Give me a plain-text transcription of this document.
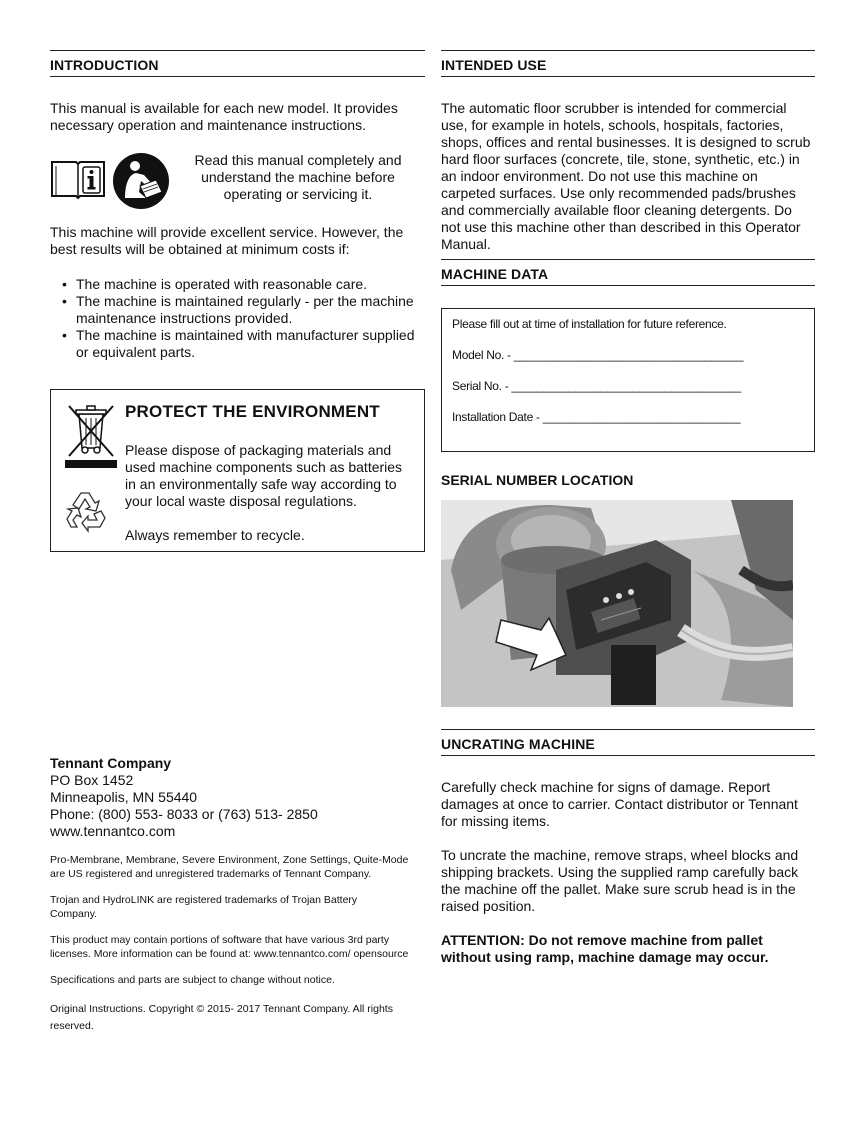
INTRODUCTION

This manual is available for each new model. It provides necessary operation and maintenance instructions.

Read this manual completely and understand the machine before operating or servicing it.

This machine will provide excellent service. However, the best results will be obtained at minimum costs if:

• The machine is operated with reasonable care.
• The machine is maintained regularly - per the machine maintenance instructions provided.
• The machine is maintained with manufacturer supplied or equivalent parts.

PROTECT THE ENVIRONMENT

Please dispose of packaging materials and used machine components such as batteries in an environmentally safe way according to your local waste disposal regulations.

Always remember to recycle.

Tennant Company
PO Box 1452
Minneapolis, MN 55440
Phone: (800) 553- 8033 or (763) 513- 2850
www.tennantco.com

Pro-Membrane, Membrane, Severe Environment, Zone Settings, Quite-Mode are US registered and unregistered trademarks of Tennant Company.

Trojan and HydroLINK are registered trademarks of Trojan Battery Company.

This product may contain portions of software that have various 3rd party licenses. More information can be found at: www.tennantco.com/ opensource

Specifications and parts are subject to change without notice.

Original Instructions. Copyright © 2015- 2017 Tennant Company. All rights reserved.

INTENDED USE

The automatic floor scrubber is intended for commercial use, for example in hotels, schools, hospitals, factories, shops, offices and rental businesses. It is designed to scrub hard floor surfaces (concrete, tile, stone, synthetic, etc.) in an indoor environment. Do not use this machine on carpeted surfaces. Use only recommended pads/brushes and commercially available floor cleaning detergents. Do not use this machine other than described in this Operator Manual.

MACHINE DATA
Please fill out at time of installation for future reference.
Model No. - ____________________________________
Serial No. - ____________________________________
Installation Date - _______________________________
SERIAL NUMBER LOCATION
UNCRATING MACHINE

Carefully check machine for signs of damage. Report damages at once to carrier. Contact distributor or Tennant for missing items.

To uncrate the machine, remove straps, wheel blocks and shipping brackets. Using the supplied ramp carefully back the machine off the pallet. Make sure scrub head is in the raised position.

ATTENTION: Do not remove machine from pallet without using ramp, machine damage may occur.
